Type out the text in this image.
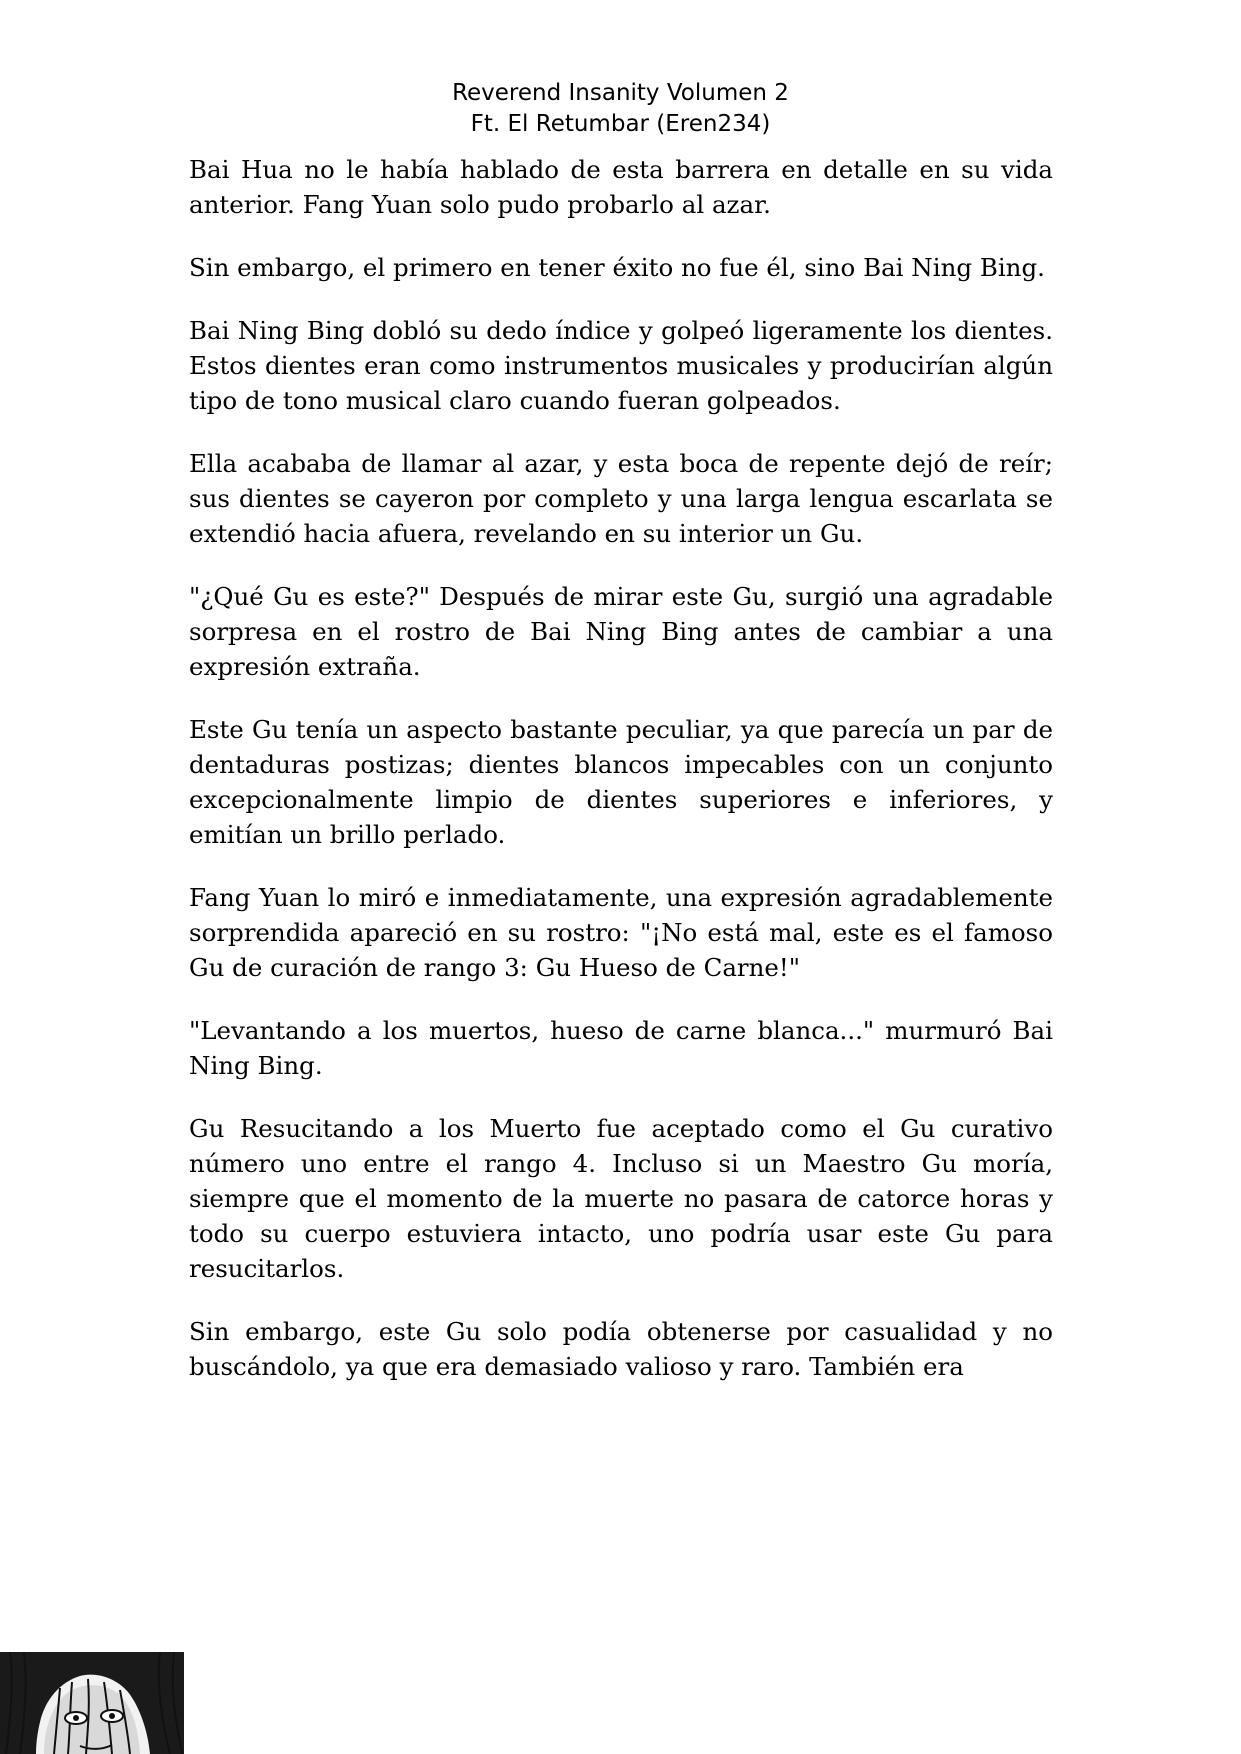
Reverend Insanity Volumen 2
Ft. El Retumbar (Eren234)

Bai Hua no le había hablado de esta barrera en detalle en su vida anterior. Fang Yuan solo pudo probarlo al azar.

Sin embargo, el primero en tener éxito no fue él, sino Bai Ning Bing.

Bai Ning Bing dobló su dedo índice y golpeó ligeramente los dientes. Estos dientes eran como instrumentos musicales y producirían algún tipo de tono musical claro cuando fueran golpeados.

Ella acababa de llamar al azar, y esta boca de repente dejó de reír; sus dientes se cayeron por completo y una larga lengua escarlata se extendió hacia afuera, revelando en su interior un Gu.

"¿Qué Gu es este?" Después de mirar este Gu, surgió una agradable sorpresa en el rostro de Bai Ning Bing antes de cambiar a una expresión extraña.

Este Gu tenía un aspecto bastante peculiar, ya que parecía un par de dentaduras postizas; dientes blancos impecables con un conjunto excepcionalmente limpio de dientes superiores e inferiores, y emitían un brillo perlado.

Fang Yuan lo miró e inmediatamente, una expresión agradablemente sorprendida apareció en su rostro: "¡No está mal, este es el famoso Gu de curación de rango 3: Gu Hueso de Carne!"

"Levantando a los muertos, hueso de carne blanca..." murmuró Bai Ning Bing.

Gu Resucitando a los Muerto fue aceptado como el Gu curativo número uno entre el rango 4. Incluso si un Maestro Gu moría, siempre que el momento de la muerte no pasara de catorce horas y todo su cuerpo estuviera intacto, uno podría usar este Gu para resucitarlos.

Sin embargo, este Gu solo podía obtenerse por casualidad y no buscándolo, ya que era demasiado valioso y raro. También era
